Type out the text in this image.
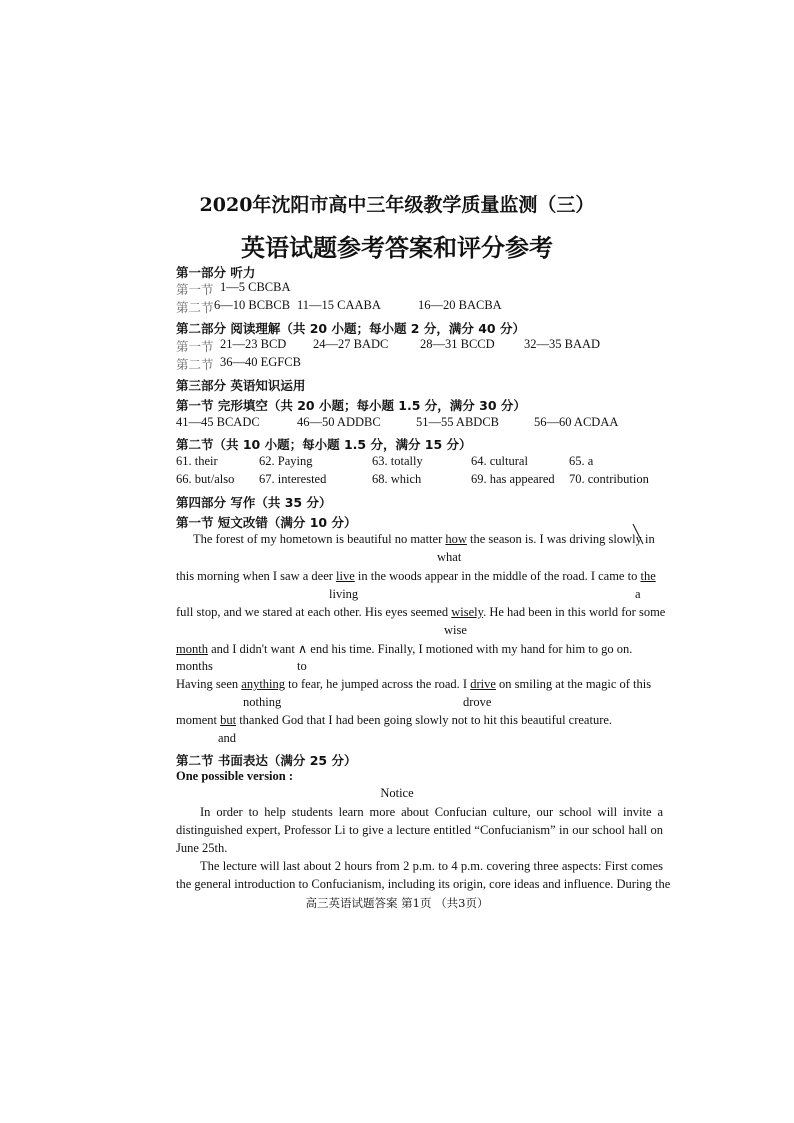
2020年沈阳市高中三年级教学质量监测（三）
英语试题参考答案和评分参考
第一部分 听力
第一节 1—5 CBCBA
第二节 6—10 BCBCB 11—15 CAABA	16—20 BACBA
第二部分 阅读理解（共 20 小题；每小题 2 分，满分 40 分）
第一节 21—23 BCD 24—27 BADC	28—31 BCCD 32—35 BAAD
第二节 36—40 EGFCB
第三部分 英语知识运用
第一节 完形填空（共 20 小题；每小题 1.5 分，满分 30 分）
41—45 BCADC	46—50 ADDBC	51—55 ABDCB	56—60 ACDAA
第二节（共 10 小题；每小题 1.5 分，满分 15 分）
61. their	62. Paying	63. totally	64. cultural	65. a
66. but/also 67. interested	68. which	69. has appeared 70. contribution
第四部分 写作（共 35 分）
第一节 短文改错（满分 10 分）
The forest of my hometown is beautiful no matter how the season is. I was driving slowly in
what
this morning when I saw a deer live in the woods appear in the middle of the road. I came to the
living	a
full stop, and we stared at each other. His eyes seemed wisely. He had been in this world for some
wise
month and I didn't want ∧ end his time. Finally, I motioned with my hand for him to go on.
months	to
Having seen anything to fear, he jumped across the road. I drive on smiling at the magic of this
nothing	drove
moment but thanked God that I had been going slowly not to hit this beautiful creature.
and
第二节 书面表达（满分 25 分）
One possible version :
Notice
In order to help students learn more about Confucian culture, our school will invite a
distinguished expert, Professor Li to give a lecture entitled “Confucianism” in our school hall on
June 25th.
The lecture will last about 2 hours from 2 p.m. to 4 p.m. covering three aspects: First comes
the general introduction to Confucianism, including its origin, core ideas and influence. During the
高三英语试题答案 第1页 （共3页）
